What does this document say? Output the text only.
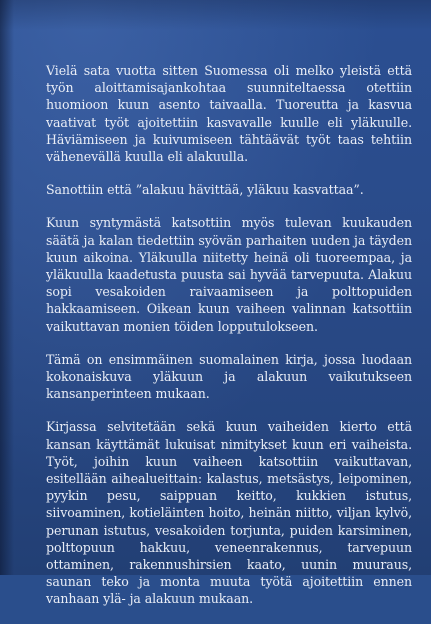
Vielä sata vuotta sitten Suomessa oli melko yleistä että työn aloittamisajankohtaa suunniteltaessa otettiin huomioon kuun asento taivaalla. Tuoreutta ja kasvua vaativat työt ajoitettiin kasvavalle kuulle eli yläkuulle. Häviämiseen ja kuivumiseen tähtäävät työt taas tehtiin vähenevällä kuulla eli alakuulla.

Sanottiin että ”alakuu hävittää, yläkuu kasvattaa”.

Kuun syntymästä katsottiin myös tulevan kuukauden säätä ja kalan tiedettiin syövän parhaiten uuden ja täyden kuun aikoina. Yläkuulla niitetty heinä oli tuoreempaa, ja yläkuulla kaadetusta puusta sai hyvää tarvepuuta. Alakuu sopi vesakoiden raivaamiseen ja polttopuiden hakkaamiseen. Oikean kuun vaiheen valinnan katsottiin vaikuttavan monien töiden lopputulokseen.

Tämä on ensimmäinen suomalainen kirja, jossa luodaan kokonaiskuva yläkuun ja alakuun vaikutukseen kansanperinteen mukaan.

Kirjassa selvitetään sekä kuun vaiheiden kierto että kansan käyttämät lukuisat nimitykset kuun eri vaiheista. Työt, joihin kuun vaiheen katsottiin vaikuttavan, esitellään aihealueittain: kalastus, metsästys, leipominen, pyykin pesu, saippuan keitto, kukkien istutus, siivoaminen, kotieläinten hoito, heinän niitto, viljan kylvö, perunan istutus, vesakoiden torjunta, puiden karsiminen, polttopuun hakkuu, veneenrakennus, tarvepuun ottaminen, rakennushirsien kaato, uunin muuraus, saunan teko ja monta muuta työtä ajoitettiin ennen vanhaan ylä- ja alakuun mukaan.
